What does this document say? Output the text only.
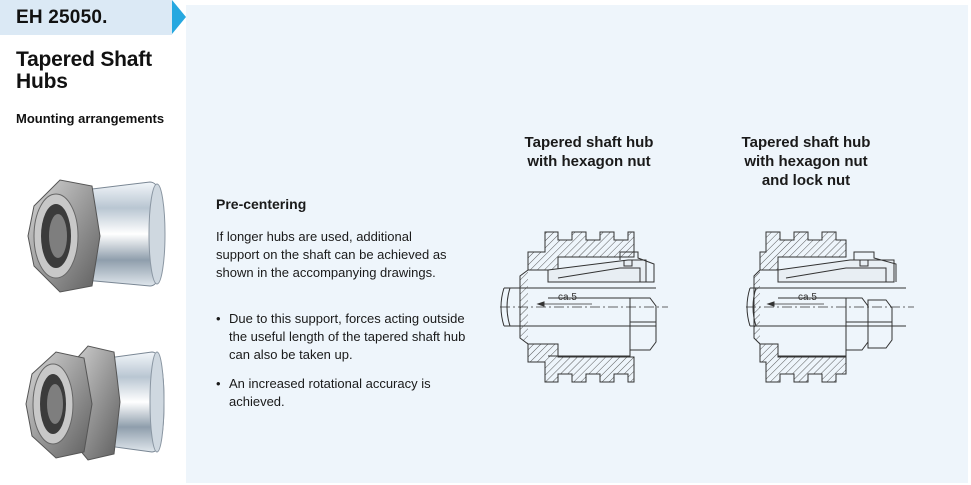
EH 25050.
Tapered Shaft Hubs
Mounting arrangements
Pre-centering
If longer hubs are used, additional support on the shaft can be achieved as shown in the accompanying drawings.
• Due to this support, forces acting outside the useful length of the tapered shaft hub can also be taken up.
• An increased rotational accuracy is achieved.
Tapered shaft hub
with hexagon nut
Tapered shaft hub
with hexagon nut
and lock nut
ca.5	ca.5
